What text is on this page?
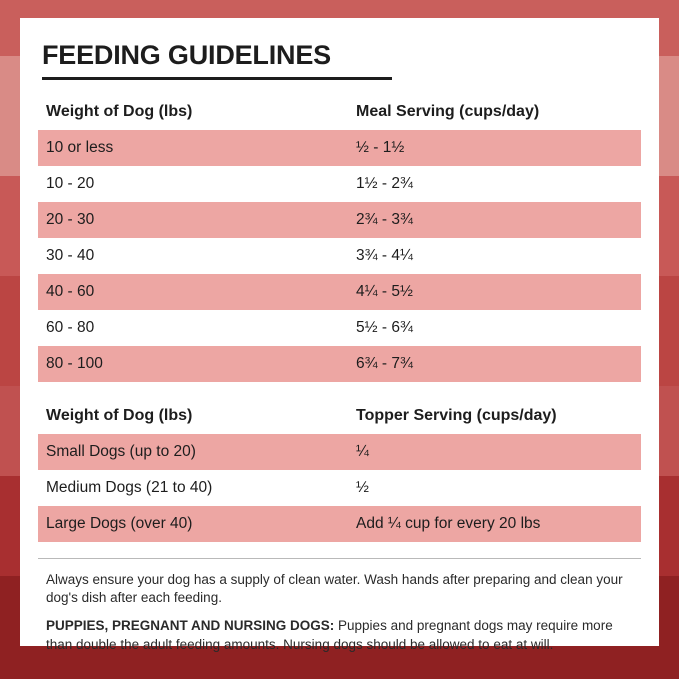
FEEDING GUIDELINES
Weight of Dog (lbs)	Meal Serving (cups/day)
10 or less	½ - 1½
10 - 20	1½ - 2¾
20 - 30	2¾ - 3¾
30 - 40	3¾ - 4¼
40 - 60	4¼ - 5½
60 - 80	5½ - 6¾
80 - 100	6¾ - 7¾
Weight of Dog (lbs)	Topper Serving (cups/day)
Small Dogs (up to 20)	¼
Medium Dogs (21 to 40)	½
Large Dogs (over 40)	Add ¼ cup for every 20 lbs

Always ensure your dog has a supply of clean water. Wash hands after preparing and clean your dog's dish after each feeding.

PUPPIES, PREGNANT AND NURSING DOGS: Puppies and pregnant dogs may require more than double the adult feeding amounts. Nursing dogs should be allowed to eat at will.
